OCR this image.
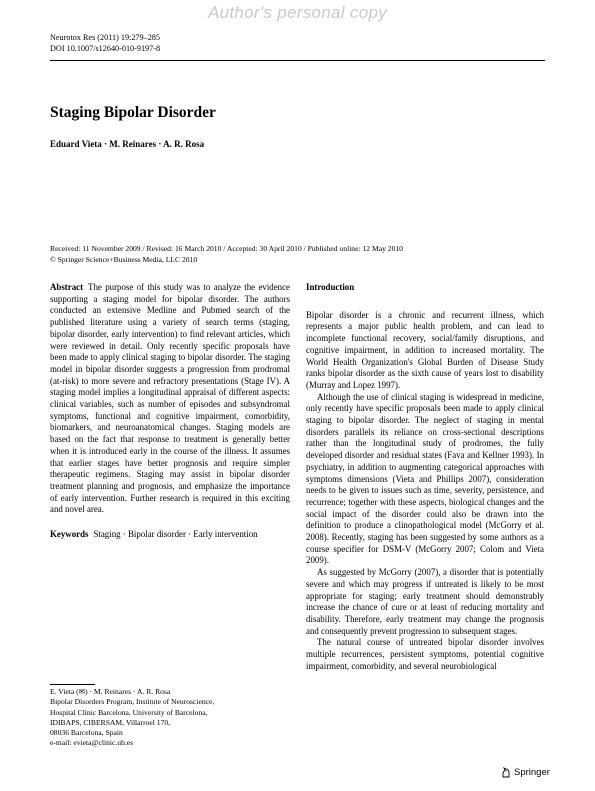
Author's personal copy
Neurotox Res (2011) 19:279–285
DOI 10.1007/s12640-010-9197-8
Staging Bipolar Disorder
Eduard Vieta · M. Reinares · A. R. Rosa
Received: 11 November 2009 / Revised: 16 March 2010 / Accepted: 30 April 2010 / Published online: 12 May 2010
© Springer Science+Business Media, LLC 2010

Abstract The purpose of this study was to analyze the evidence supporting a staging model for bipolar disorder. The authors conducted an extensive Medline and Pubmed search of the published literature using a variety of search terms (staging, bipolar disorder, early intervention) to find relevant articles, which were reviewed in detail. Only recently specific proposals have been made to apply clinical staging to bipolar disorder. The staging model in bipolar disorder suggests a progression from prodromal (at-risk) to more severe and refractory presentations (Stage IV). A staging model implies a longitudinal appraisal of different aspects: clinical variables, such as number of episodes and subsyndromal symptoms, functional and cognitive impairment, comorbidity, biomarkers, and neuroanatomical changes. Staging models are based on the fact that response to treatment is generally better when it is introduced early in the course of the illness. It assumes that earlier stages have better prognosis and require simpler therapeutic regimens. Staging may assist in bipolar disorder treatment planning and prognosis, and emphasize the importance of early intervention. Further research is required in this exciting and novel area.

Keywords Staging · Bipolar disorder · Early intervention

Introduction

Bipolar disorder is a chronic and recurrent illness, which represents a major public health problem, and can lead to incomplete functional recovery, social/family disruptions, and cognitive impairment, in addition to increased mortality. The World Health Organization's Global Burden of Disease Study ranks bipolar disorder as the sixth cause of years lost to disability (Murray and Lopez 1997).

Although the use of clinical staging is widespread in medicine, only recently have specific proposals been made to apply clinical staging to bipolar disorder. The neglect of staging in mental disorders parallels its reliance on cross-sectional descriptions rather than the longitudinal study of prodromes, the fully developed disorder and residual states (Fava and Kellner 1993). In psychiatry, in addition to augmenting categorical approaches with symptoms dimensions (Vieta and Phillips 2007), consideration needs to be given to issues such as time, severity, persistence, and recurrence; together with these aspects, biological changes and the social impact of the disorder could also be drawn into the definition to produce a clinopathological model (McGorry et al. 2008). Recently, staging has been suggested by some authors as a course specifier for DSM-V (McGorry 2007; Colom and Vieta 2009).

As suggested by McGorry (2007), a disorder that is potentially severe and which may progress if untreated is likely to be most appropriate for staging; early treatment should demonstrably increase the chance of cure or at least of reducing mortality and disability. Therefore, early treatment may change the prognosis and consequently prevent progression to subsequent stages.

The natural course of untreated bipolar disorder involves multiple recurrences, persistent symptoms, potential cognitive impairment, comorbidity, and several neurobiological

E. Vieta (✉) · M. Reinares · A. R. Rosa
Bipolar Disorders Program, Institute of Neuroscience,
Hospital Clinic Barcelona, University of Barcelona,
IDIBAPS, CIBERSAM, Villarroel 170,
08036 Barcelona, Spain
e-mail: evieta@clinic.ub.es
Springer
